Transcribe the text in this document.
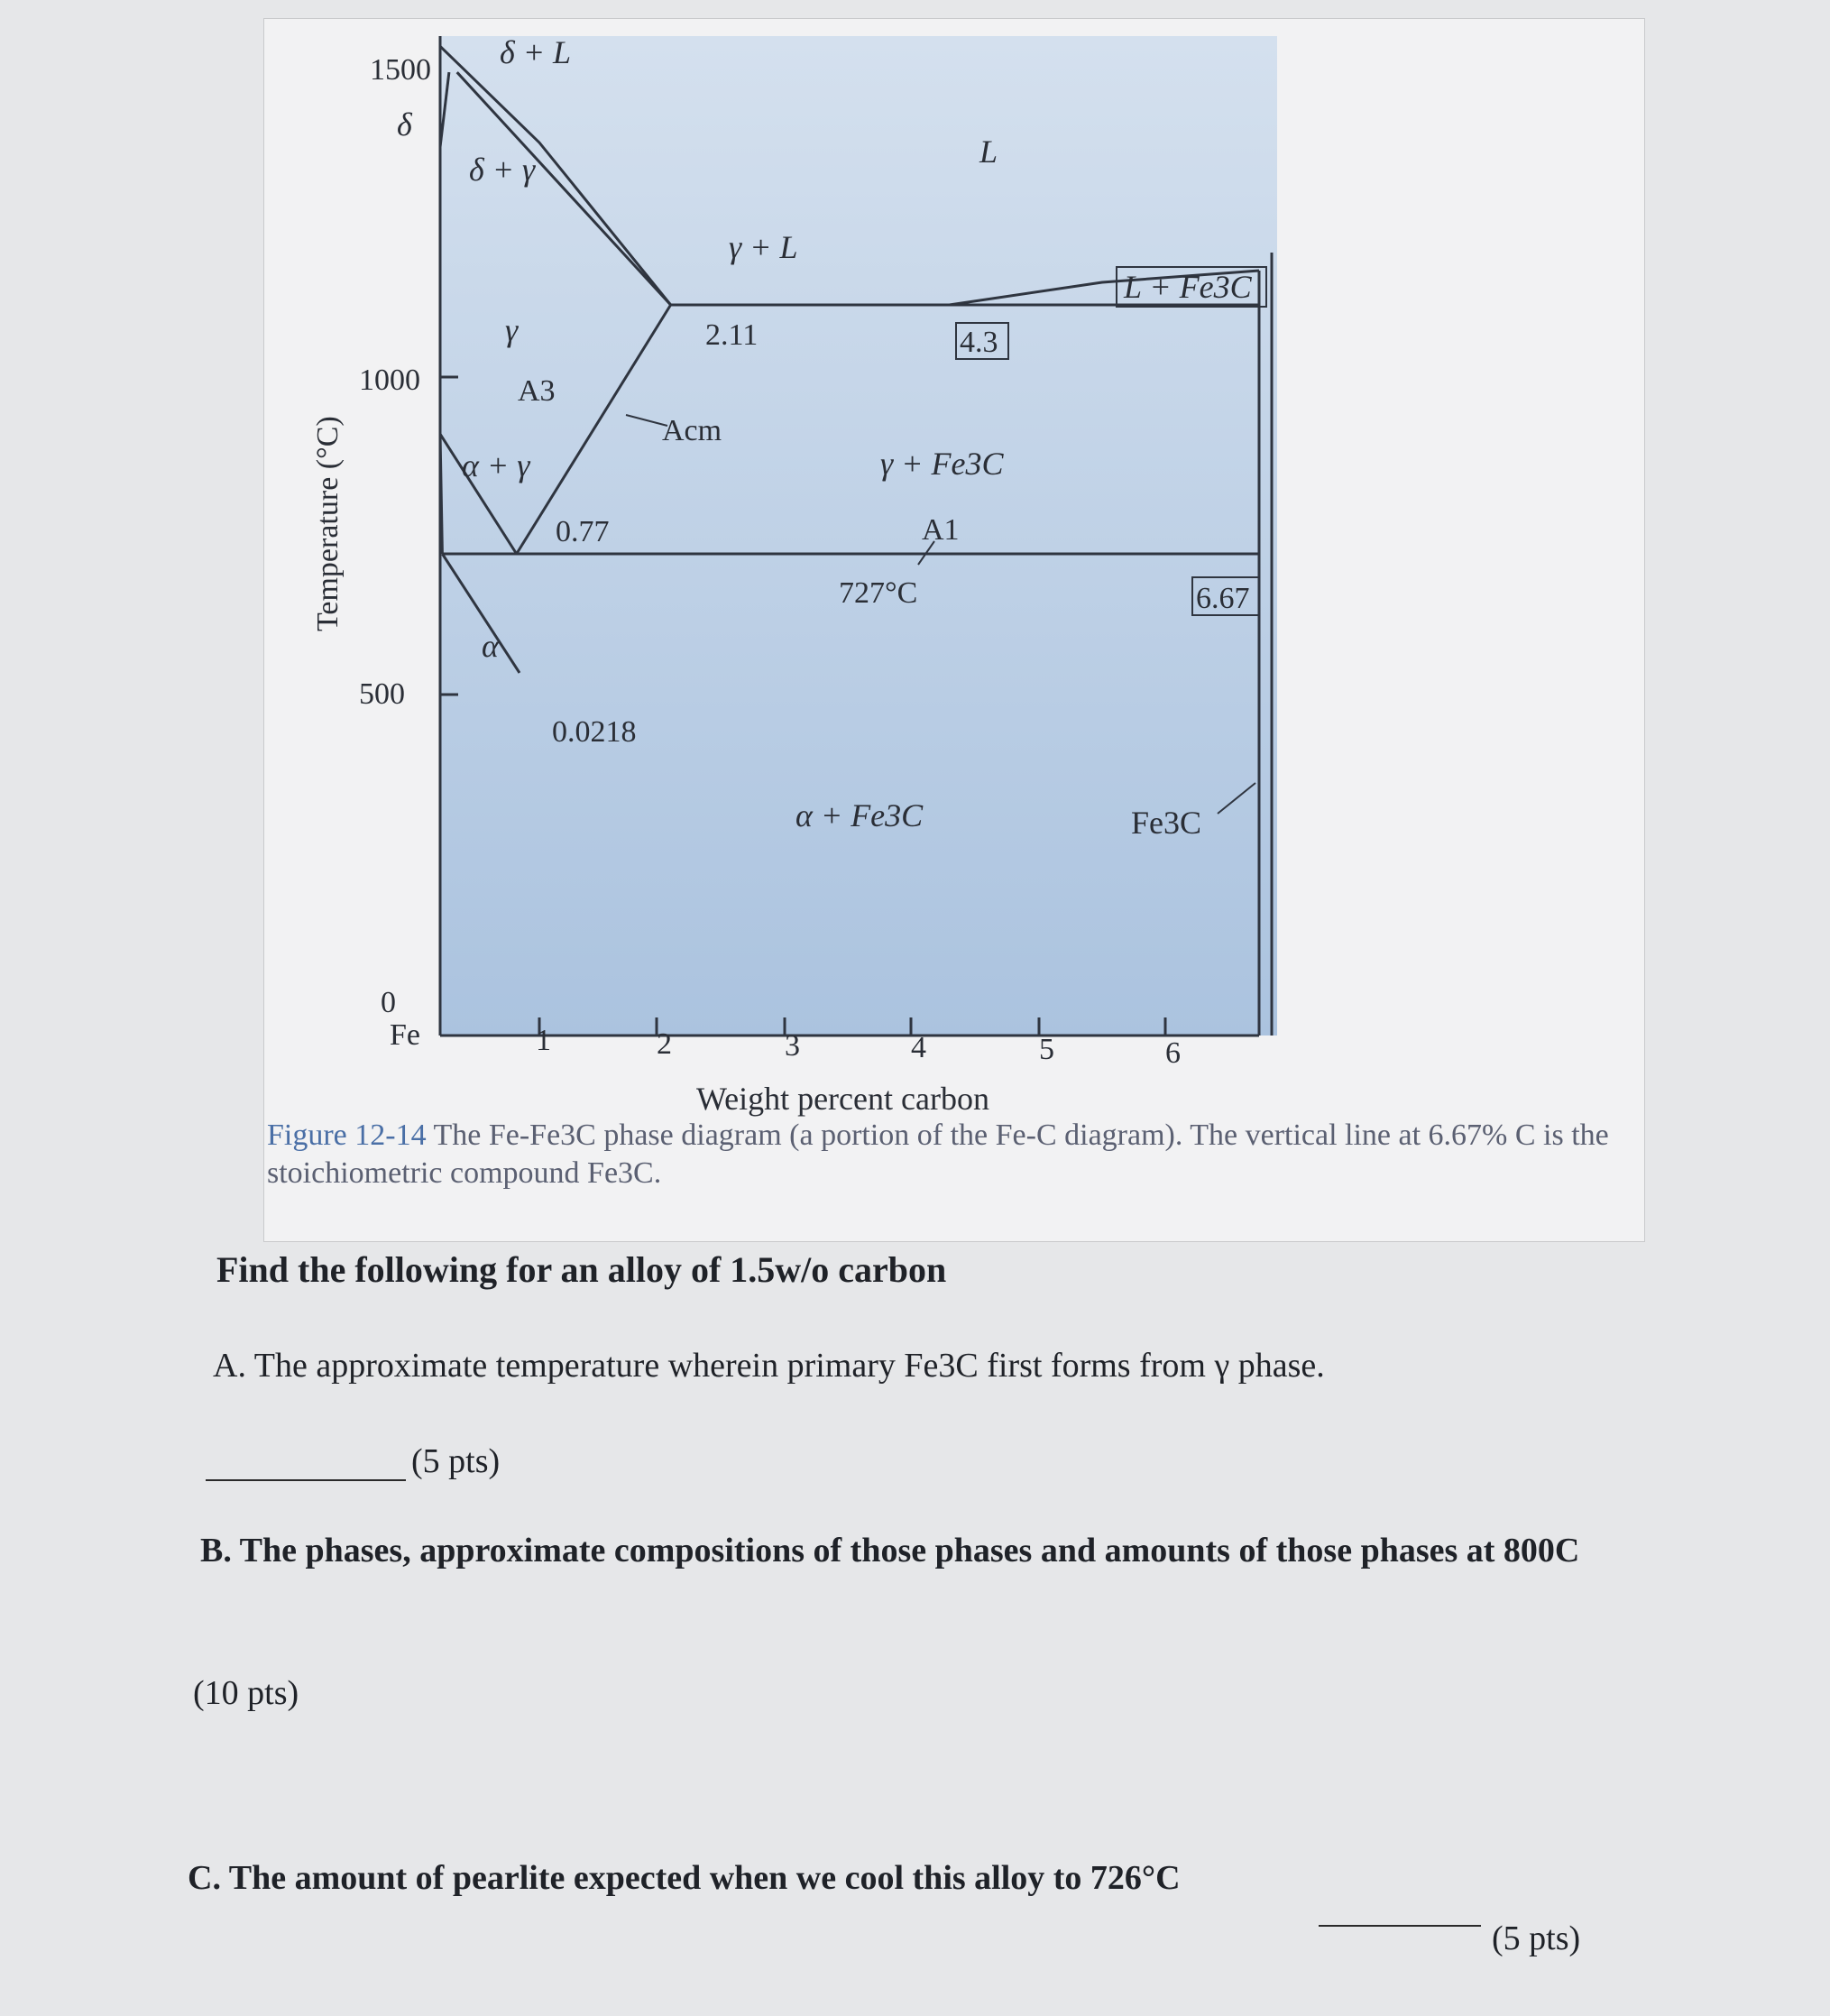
1500
1000
500
0
Fe	1	2	3	4	5	6
Weight percent carbon
Temperature (°C)
δ + L
δ
δ + γ	L
γ + L
L + Fe3C
γ
α + γ	γ + Fe3C
α
α + Fe3C	Fe3C
A3
Acm
A1
727°C
2.11	4.3
0.77
6.67
0.0218
Figure 12-14 The Fe-Fe3C phase diagram (a portion of the Fe-C diagram). The vertical line at 6.67% C is the stoichiometric compound Fe3C.
Find the following for an alloy of 1.5w/o carbon
A. The approximate temperature wherein primary Fe3C first forms from γ phase.
(5 pts)
B. The phases, approximate compositions of those phases and amounts of those phases at 800C
(10 pts)
C. The amount of pearlite expected when we cool this alloy to 726°C
(5 pts)
